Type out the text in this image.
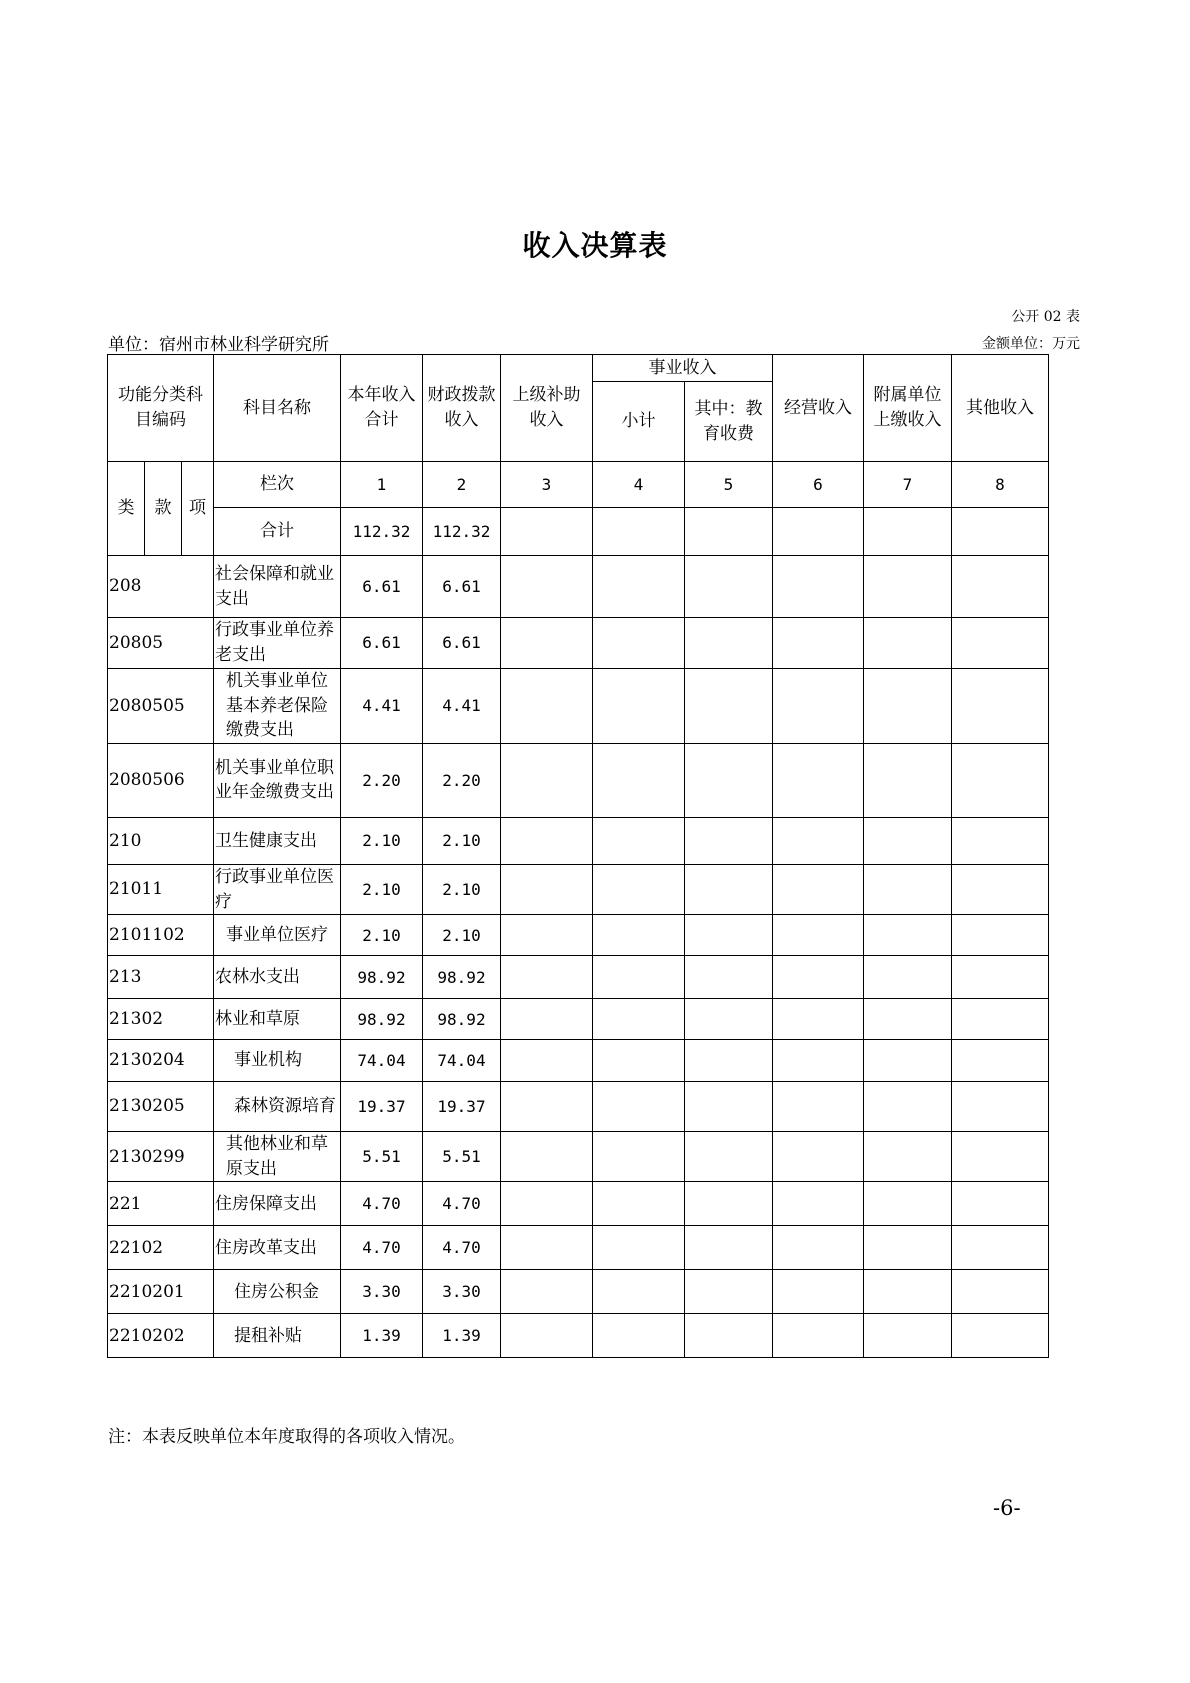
收入决算表
公开 02 表
单位：宿州市林业科学研究所	金额单位：万元
功能分类科目编码			科目名称	本年收入合计	财政拨款收入	上级补助收入	事业收入		经营收入	附属单位上缴收入	其他收入
							小计	其中：教育收费			
类	款	项	栏次	1	2	3	4	5	6	7	8
			合计	112.32	112.32						
208			社会保障和就业支出	6.61	6.61						
20805			行政事业单位养老支出	6.61	6.61						
2080505			机关事业单位基本养老保险缴费支出	4.41	4.41						
2080506			机关事业单位职业年金缴费支出	2.20	2.20						
210			卫生健康支出	2.10	2.10						
21011			行政事业单位医疗	2.10	2.10						
2101102			事业单位医疗	2.10	2.10						
213			农林水支出	98.92	98.92						
21302			林业和草原	98.92	98.92						
2130204			事业机构	74.04	74.04						
2130205			森林资源培育	19.37	19.37						
2130299			其他林业和草原支出	5.51	5.51						
221			住房保障支出	4.70	4.70						
22102			住房改革支出	4.70	4.70						
2210201			住房公积金	3.30	3.30						
2210202			提租补贴	1.39	1.39						
注：本表反映单位本年度取得的各项收入情况。
-6-
